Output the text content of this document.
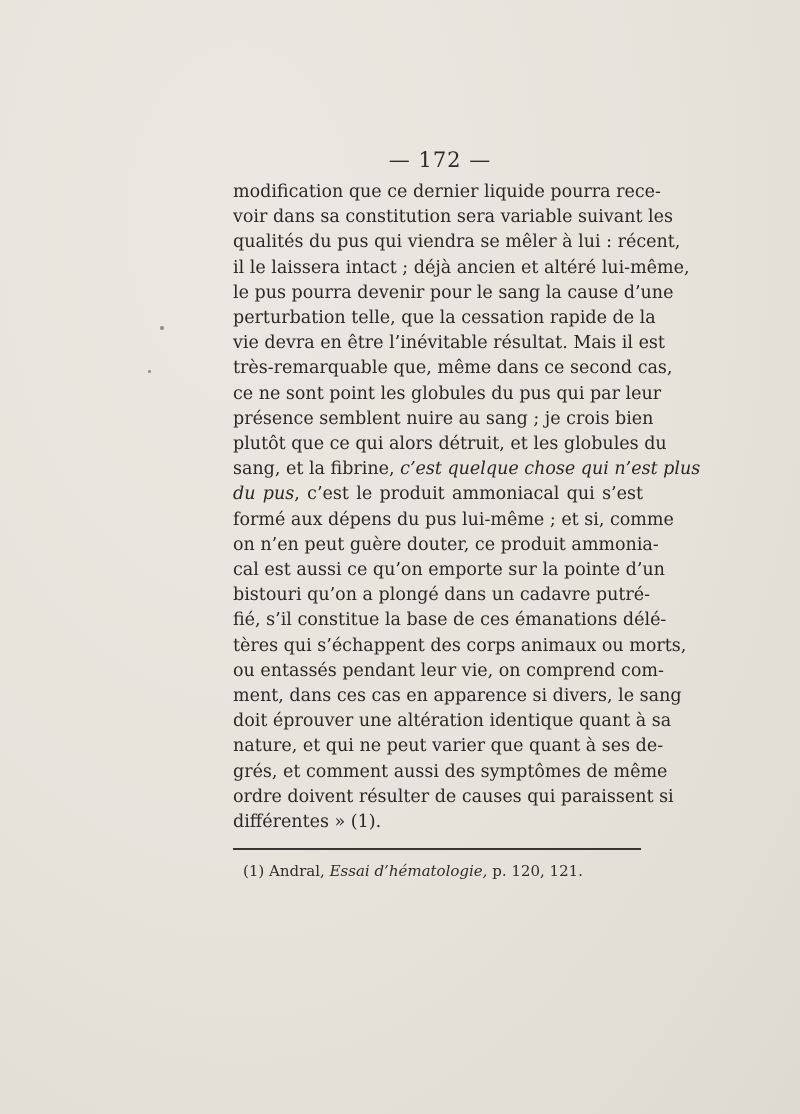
— 172 —
modification que ce dernier liquide pourra rece-
voir dans sa constitution sera variable suivant les
qualités du pus qui viendra se mêler à lui : récent,
il le laissera intact ; déjà ancien et altéré lui-même,
le pus pourra devenir pour le sang la cause d’une
perturbation telle, que la cessation rapide de la
vie devra en être l’inévitable résultat. Mais il est
très-remarquable que, même dans ce second cas,
ce ne sont point les globules du pus qui par leur
présence semblent nuire au sang ; je crois bien
plutôt que ce qui alors détruit, et les globules du
sang, et la fibrine, c’est quelque chose qui n’est plus
du pus, c’est le produit ammoniacal qui s’est
formé aux dépens du pus lui-même ; et si, comme
on n’en peut guère douter, ce produit ammonia-
cal est aussi ce qu’on emporte sur la pointe d’un
bistouri qu’on a plongé dans un cadavre putré-
fié, s’il constitue la base de ces émanations délé-
tères qui s’échappent des corps animaux ou morts,
ou entassés pendant leur vie, on comprend com-
ment, dans ces cas en apparence si divers, le sang
doit éprouver une altération identique quant à sa
nature, et qui ne peut varier que quant à ses de-
grés, et comment aussi des symptômes de même
ordre doivent résulter de causes qui paraissent si
différentes » (1).
(1) Andral, Essai d’hématologie, p. 120, 121.
